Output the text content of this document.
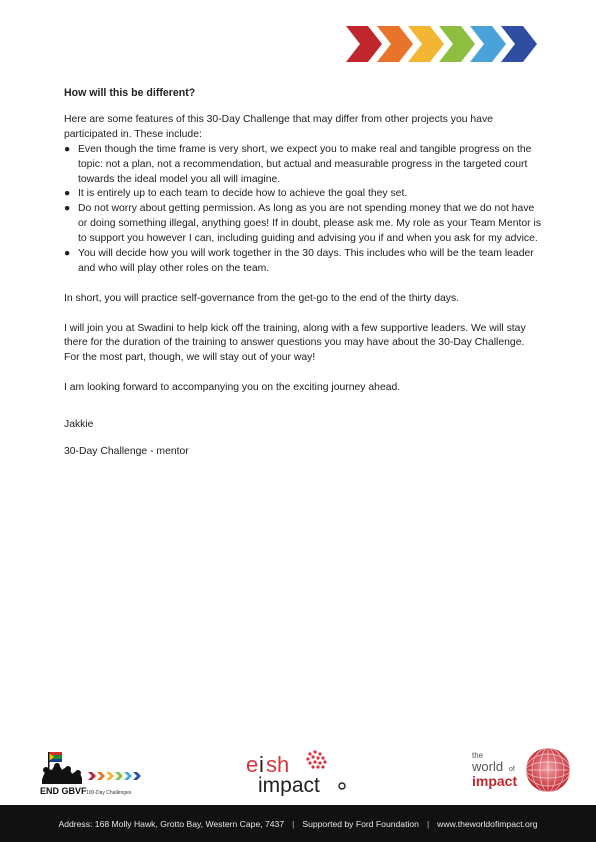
How will this be different?
Here are some features of this 30-Day Challenge that may differ from other projects you have participated in. These include:
● Even though the time frame is very short, we expect you to make real and tangible progress on the topic: not a plan, not a recommendation, but actual and measurable progress in the targeted court towards the ideal model you all will imagine.
● It is entirely up to each team to decide how to achieve the goal they set.
● Do not worry about getting permission. As long as you are not spending money that we do not have or doing something illegal, anything goes! If in doubt, please ask me. My role as your Team Mentor is to support you however I can, including guiding and advising you if and when you ask for my advice.
● You will decide how you will work together in the 30 days. This includes who will be the team leader and who will play other roles on the team.
In short, you will practice self-governance from the get-go to the end of the thirty days.
I will join you at Swadini to help kick off the training, along with a few supportive leaders. We will stay there for the duration of the training to answer questions you may have about the 30-Day Challenge. For the most part, though, we will stay out of your way!
I am looking forward to accompanying you on the exciting journey ahead.
Jakkie
30-Day Challenge - mentor
END GBVF 100-Day Challenges
e i sh
impact
the
world of
impact
Address: 168 Molly Hawk, Grotto Bay, Western Cape, 7437 | Supported by Ford Foundation | www.theworldofimpact.org
